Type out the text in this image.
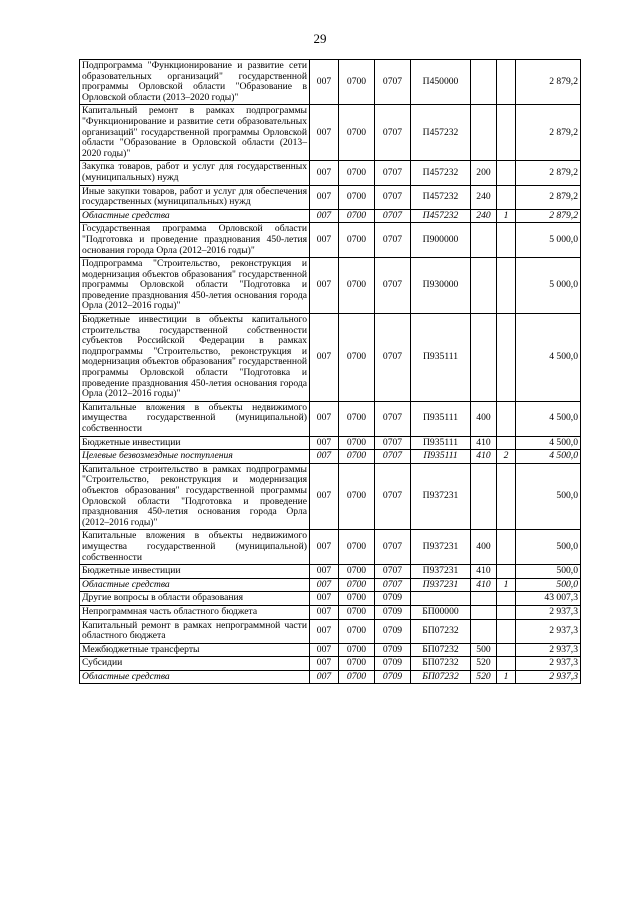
29
Подпрограмма "Функционирование и развитие сети образовательных организаций" государственной программы Орловской области "Образование в Орловской области (2013–2020 годы)"	007	0700	0707	П450000			2 879,2
Капитальный ремонт в рамках подпрограммы "Функционирование и развитие сети образовательных организаций" государственной программы Орловской области "Образование в Орловской области (2013–2020 годы)"	007	0700	0707	П457232			2 879,2
Закупка товаров, работ и услуг для государственных (муниципальных) нужд	007	0700	0707	П457232	200		2 879,2
Иные закупки товаров, работ и услуг для обеспечения государственных (муниципальных) нужд	007	0700	0707	П457232	240		2 879,2
Областные средства	007	0700	0707	П457232	240	1	2 879,2
Государственная программа Орловской области "Подготовка и проведение празднования 450-летия основания города Орла (2012–2016 годы)"	007	0700	0707	П900000			5 000,0
Подпрограмма "Строительство, реконструкция и модернизация объектов образования" государственной программы Орловской области "Подготовка и проведение празднования 450-летия основания города Орла (2012–2016 годы)"	007	0700	0707	П930000			5 000,0
Бюджетные инвестиции в объекты капитального строительства государственной собственности субъектов Российской Федерации в рамках подпрограммы "Строительство, реконструкция и модернизация объектов образования" государственной программы Орловской области "Подготовка и проведение празднования 450-летия основания города Орла (2012–2016 годы)"	007	0700	0707	П935111			4 500,0
Капитальные вложения в объекты недвижимого имущества государственной (муниципальной) собственности	007	0700	0707	П935111	400		4 500,0
Бюджетные инвестиции	007	0700	0707	П935111	410		4 500,0
Целевые безвозмездные поступления	007	0700	0707	П935111	410	2	4 500,0
Капитальное строительство в рамках подпрограммы "Строительство, реконструкция и модернизация объектов образования" государственной программы Орловской области "Подготовка и проведение празднования 450-летия основания города Орла (2012–2016 годы)"	007	0700	0707	П937231			500,0
Капитальные вложения в объекты недвижимого имущества государственной (муниципальной) собственности	007	0700	0707	П937231	400		500,0
Бюджетные инвестиции	007	0700	0707	П937231	410		500,0
Областные средства	007	0700	0707	П937231	410	1	500,0
Другие вопросы в области образования	007	0700	0709				43 007,3
Непрограммная часть областного бюджета	007	0700	0709	БП00000			2 937,3
Капитальный ремонт в рамках непрограммной части областного бюджета	007	0700	0709	БП07232			2 937,3
Межбюджетные трансферты	007	0700	0709	БП07232	500		2 937,3
Субсидии	007	0700	0709	БП07232	520		2 937,3
Областные средства	007	0700	0709	БП07232	520	1	2 937,3
